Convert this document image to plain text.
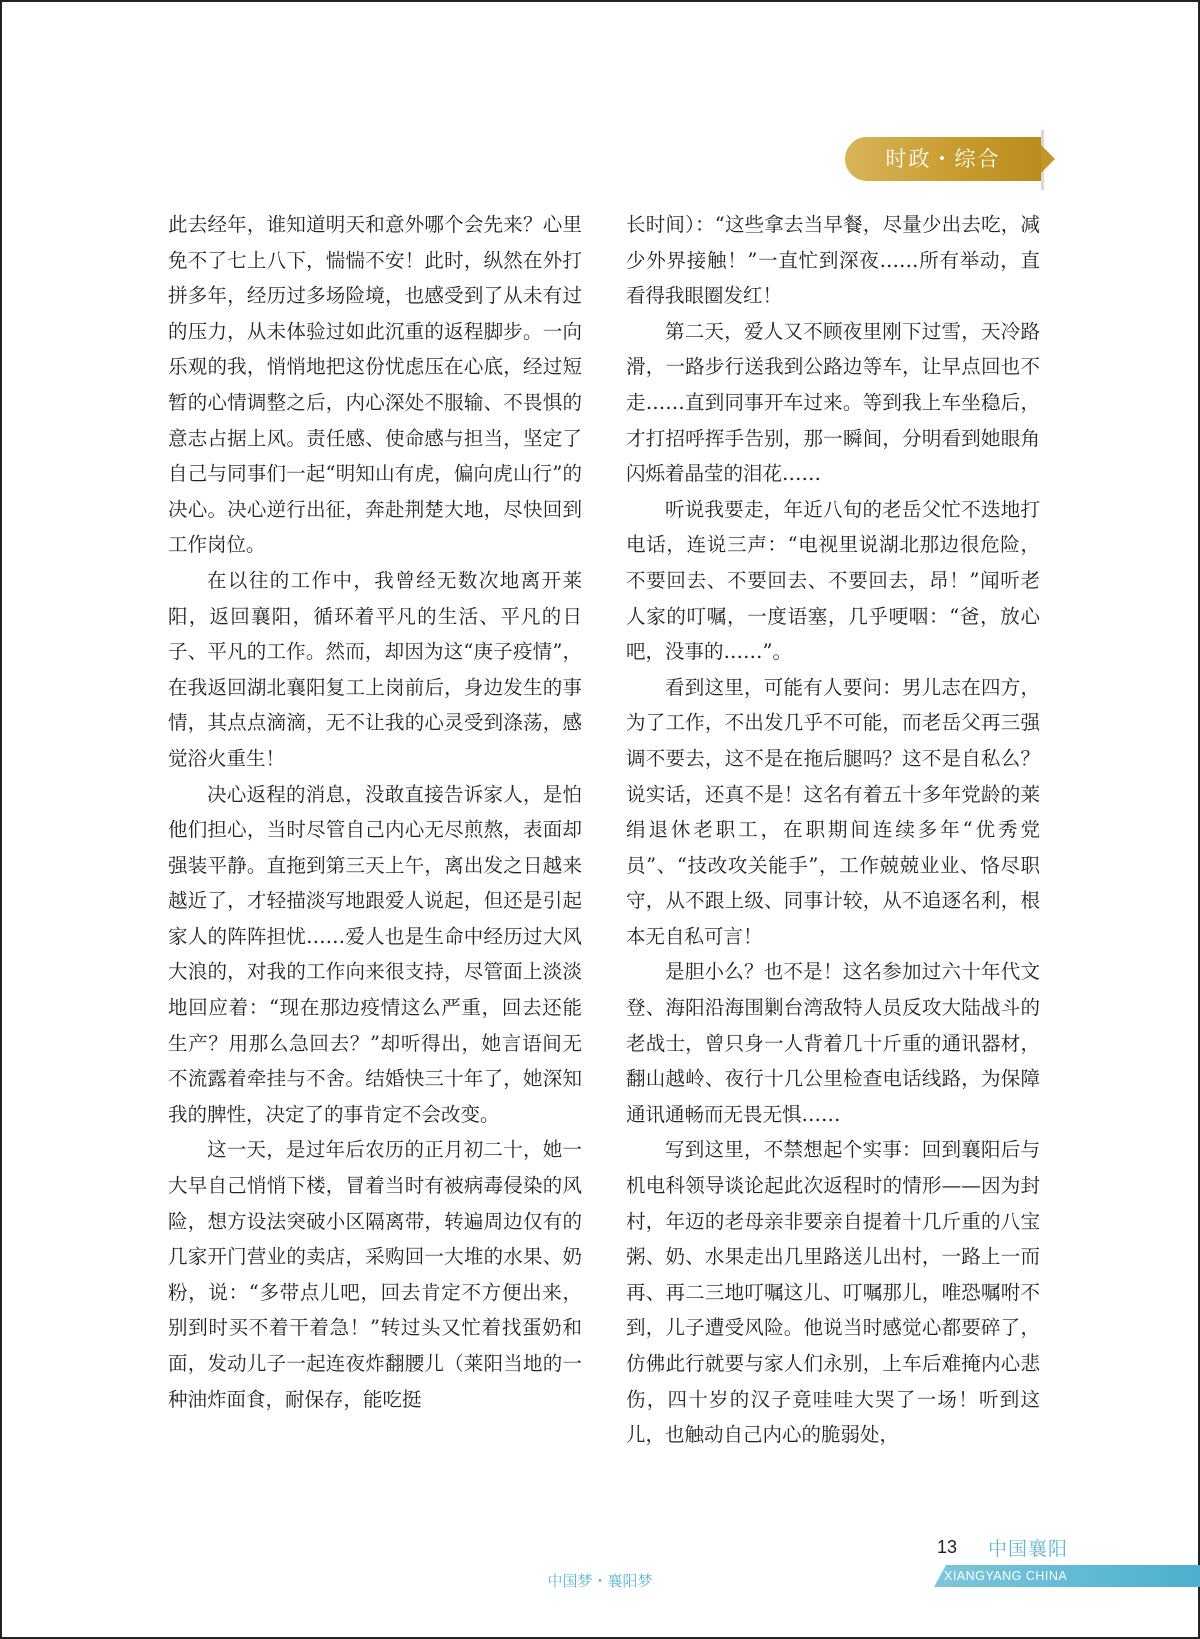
时政・综合

此去经年，谁知道明天和意外哪个会先来？心里免不了七上八下，惴惴不安！此时，纵然在外打拼多年，经历过多场险境，也感受到了从未有过的压力，从未体验过如此沉重的返程脚步。一向乐观的我，悄悄地把这份忧虑压在心底，经过短暂的心情调整之后，内心深处不服输、不畏惧的意志占据上风。责任感、使命感与担当，坚定了自己与同事们一起“明知山有虎，偏向虎山行”的决心。决心逆行出征，奔赴荆楚大地，尽快回到工作岗位。

在以往的工作中，我曾经无数次地离开莱阳，返回襄阳，循环着平凡的生活、平凡的日子、平凡的工作。然而，却因为这“庚子疫情”，在我返回湖北襄阳复工上岗前后，身边发生的事情，其点点滴滴，无不让我的心灵受到涤荡，感觉浴火重生！

决心返程的消息，没敢直接告诉家人，是怕他们担心，当时尽管自己内心无尽煎熬，表面却强装平静。直拖到第三天上午，离出发之日越来越近了，才轻描淡写地跟爱人说起，但还是引起家人的阵阵担忧……爱人也是生命中经历过大风大浪的，对我的工作向来很支持，尽管面上淡淡地回应着：“现在那边疫情这么严重，回去还能生产？用那么急回去？”却听得出，她言语间无不流露着牵挂与不舍。结婚快三十年了，她深知我的脾性，决定了的事肯定不会改变。

这一天，是过年后农历的正月初二十，她一大早自己悄悄下楼，冒着当时有被病毒侵染的风险，想方设法突破小区隔离带，转遍周边仅有的几家开门营业的卖店，采购回一大堆的水果、奶粉，说：“多带点儿吧，回去肯定不方便出来，别到时买不着干着急！”转过头又忙着找蛋奶和面，发动儿子一起连夜炸翻腰儿（莱阳当地的一种油炸面食，耐保存，能吃挺

长时间）：“这些拿去当早餐，尽量少出去吃，减少外界接触！”一直忙到深夜……所有举动，直看得我眼圈发红！

第二天，爱人又不顾夜里刚下过雪，天冷路滑，一路步行送我到公路边等车，让早点回也不走……直到同事开车过来。等到我上车坐稳后，才打招呼挥手告别，那一瞬间，分明看到她眼角闪烁着晶莹的泪花……

听说我要走，年近八旬的老岳父忙不迭地打电话，连说三声：“电视里说湖北那边很危险，不要回去、不要回去、不要回去，昂！”闻听老人家的叮嘱，一度语塞，几乎哽咽：“爸，放心吧，没事的……”。

看到这里，可能有人要问：男儿志在四方，为了工作，不出发几乎不可能，而老岳父再三强调不要去，这不是在拖后腿吗？这不是自私么？说实话，还真不是！这名有着五十多年党龄的莱绢退休老职工，在职期间连续多年“优秀党员”、“技改攻关能手”，工作兢兢业业、恪尽职守，从不跟上级、同事计较，从不追逐名利，根本无自私可言！

是胆小么？也不是！这名参加过六十年代文登、海阳沿海围剿台湾敌特人员反攻大陆战斗的老战士，曾只身一人背着几十斤重的通讯器材，翻山越岭、夜行十几公里检查电话线路，为保障通讯通畅而无畏无惧……

写到这里，不禁想起个实事：回到襄阳后与机电科领导谈论起此次返程时的情形——因为封村，年迈的老母亲非要亲自提着十几斤重的八宝粥、奶、水果走出几里路送儿出村，一路上一而再、再二三地叮嘱这儿、叮嘱那儿，唯恐嘱咐不到，儿子遭受风险。他说当时感觉心都要碎了，仿佛此行就要与家人们永别，上车后难掩内心悲伤，四十岁的汉子竟哇哇大哭了一场！听到这儿，也触动自己内心的脆弱处，

13 中国襄阳
XIANGYANG CHINA
中国梦・襄阳梦
